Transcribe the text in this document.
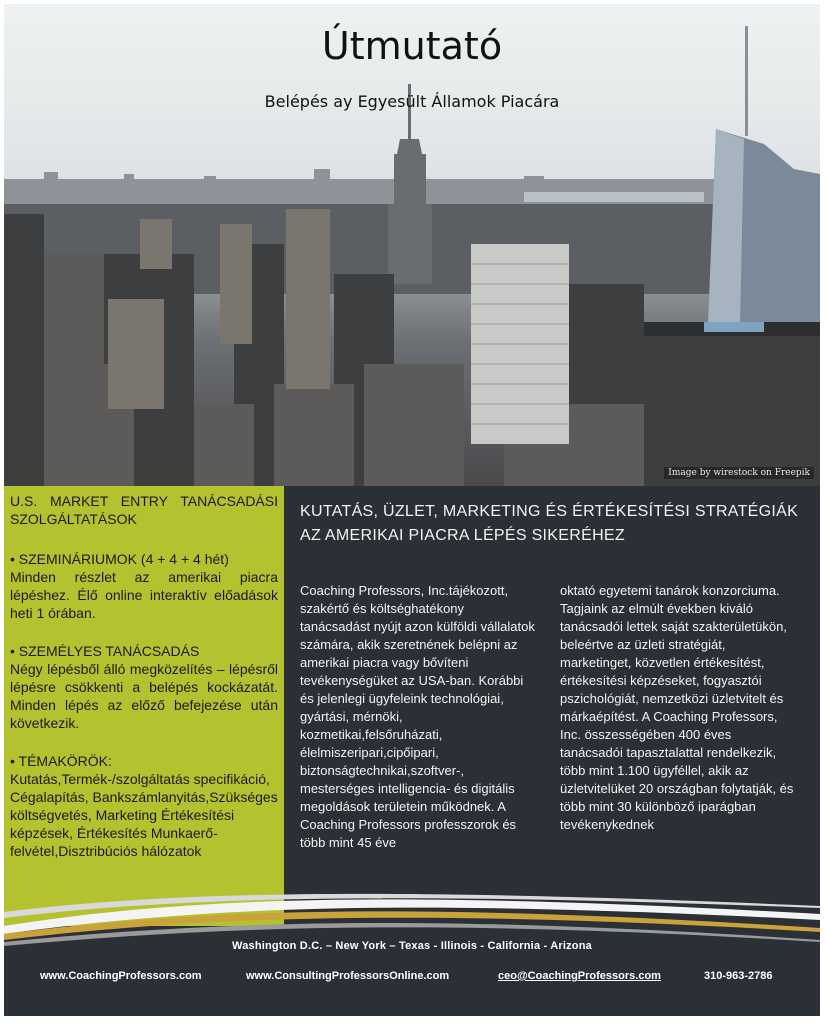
Útmutató
Belépés ay Egyesült Államok Piacára
Image by wirestock on Freepik
U.S. MARKET ENTRY TANÁCSADÁSI SZOLGÁLTATÁSOK
• SZEMINÁRIUMOK (4 + 4 + 4 hét)
Minden részlet az amerikai piacra lépéshez. Élő online interaktív előadások heti 1 órában.
• SZEMÉLYES TANÁCSADÁS
Négy lépésből álló megközelítés – lépésről lépésre csökkenti a belépés kockázatát. Minden lépés az előző befejezése után következik.
• TÉMAKÖRÖK:
Kutatás,Termék-/szolgáltatás specifikáció, Cégalapítás, Bankszámlanyitás,Szükséges költségvetés, Marketing Értékesítési képzések, Értékesítés Munkaerő-felvétel,Disztribúciós hálózatok
KUTATÁS, ÜZLET, MARKETING ÉS ÉRTÉKESÍTÉSI STRATÉGIÁK AZ AMERIKAI PIACRA LÉPÉS SIKERÉHEZ
Coaching Professors, Inc.tájékozott, szakértő és költséghatékony tanácsadást nyújt azon külföldi vállalatok számára, akik szeretnének belépni az amerikai piacra vagy bővíteni tevékenységüket az USA-ban. Korábbi és jelenlegi ügyfeleink technológiai, gyártási, mérnöki, kozmetikai,felsőruházati, élelmiszeripari,cipőipari, biztonságtechnikai,szoftver-, mesterséges intelligencia- és digitális megoldások területein működnek. A Coaching Professors professzorok és több mint 45 éve
oktató egyetemi tanárok konzorciuma. Tagjaink az elmúlt években kiváló tanácsadói lettek saját szakterületükön, beleértve az üzleti stratégiát, marketinget, közvetlen értékesítést, értékesítési képzéseket, fogyasztói pszichológiát, nemzetközi üzletvitelt és márkaépítést. A Coaching Professors, Inc. összességében 400 éves tanácsadói tapasztalattal rendelkezik, több mint 1.100 ügyféllel, akik az üzletvitelüket 20 országban folytatják, és több mint 30 különböző iparágban tevékenykednek
Washington D.C. – New York – Texas - Illinois - California - Arizona
www.CoachingProfessors.com	www.ConsultingProfessorsOnline.com	ceo@CoachingProfessors.com	310-963-2786
